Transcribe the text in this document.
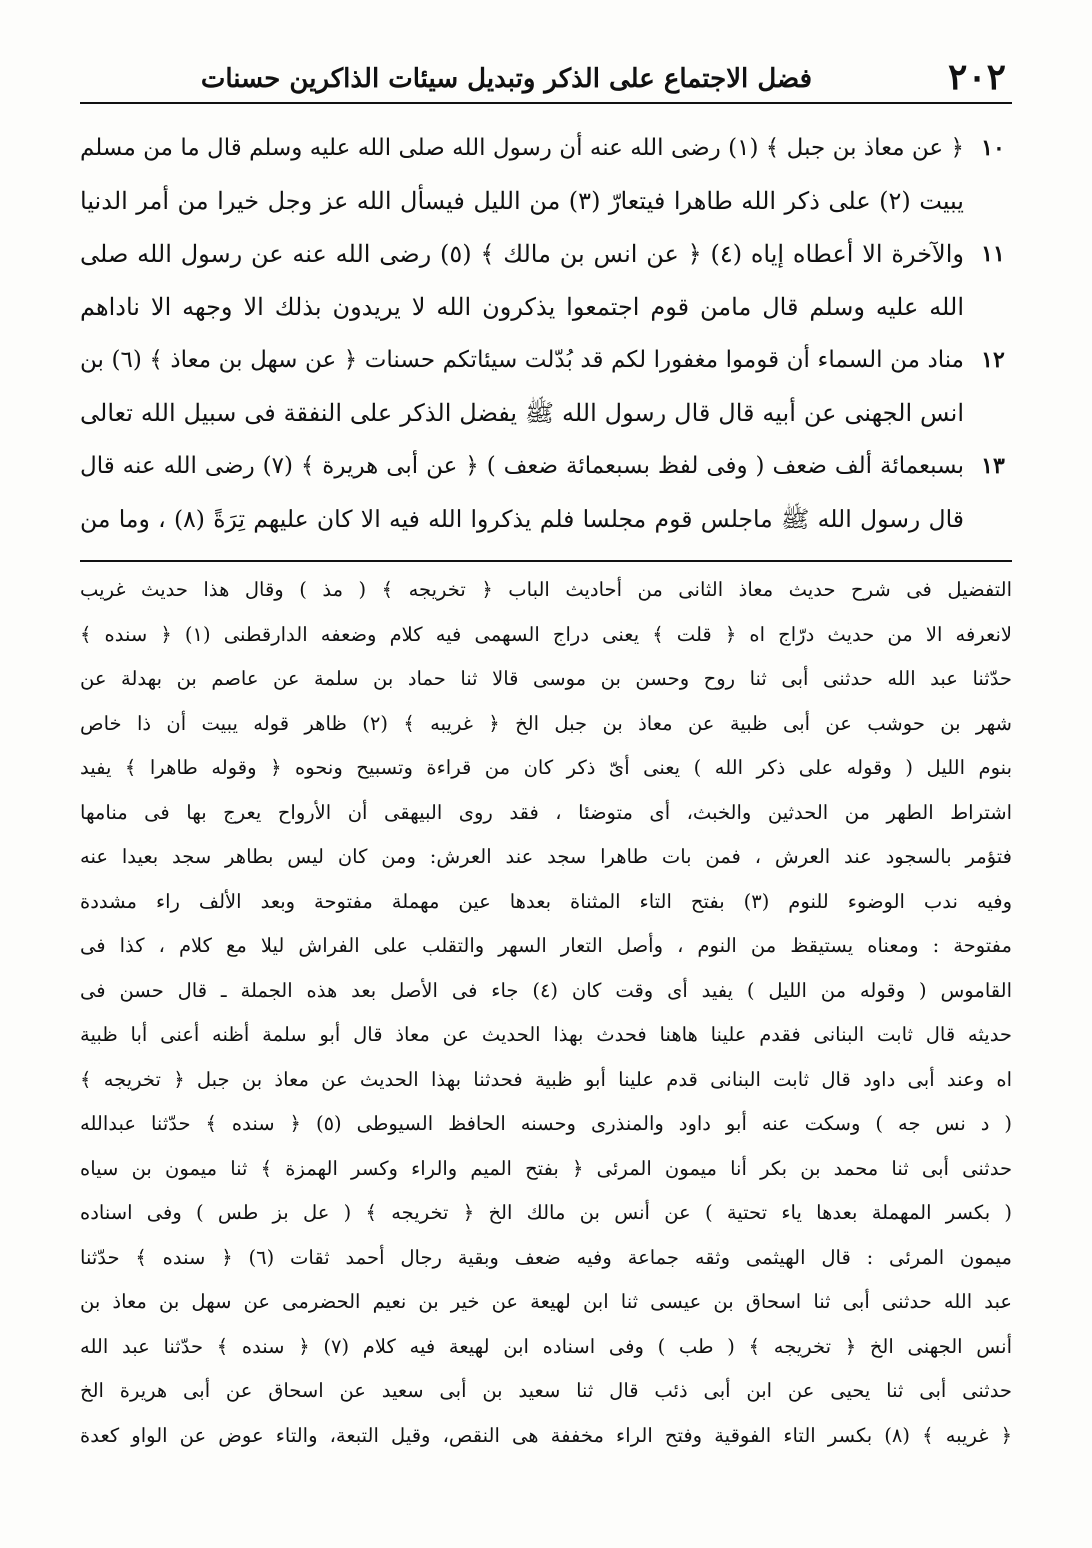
٢٠٢
فضل الاجتماع على الذكر وتبديل سيئات الذاكرين حسنات
١٠
﴿ عن معاذ بن جبل ﴾ (١) رضى الله عنه أن رسول الله صلى الله عليه وسلم قال ما من مسلم
يبيت (٢) على ذكر الله طاهرا فيتعارّ (٣) من الليل فيسأل الله عز وجل خيرا من أمر الدنيا
١١
والآخرة الا أعطاه إياه (٤) ﴿ عن انس بن مالك ﴾ (٥) رضى الله عنه عن رسول الله صلى
الله عليه وسلم قال مامن قوم اجتمعوا يذكرون الله لا يريدون بذلك الا وجهه الا ناداهم
١٢
مناد من السماء أن قوموا مغفورا لكم قد بُدّلت سيئاتكم حسنات ﴿ عن سهل بن معاذ ﴾ (٦) بن
انس الجهنى عن أبيه قال قال رسول الله ﷺ يفضل الذكر على النفقة فى سبيل الله تعالى
١٣
بسبعمائة ألف ضعف ( وفى لفظ بسبعمائة ضعف ) ﴿ عن أبى هريرة ﴾ (٧) رضى الله عنه قال
قال رسول الله ﷺ ماجلس قوم مجلسا فلم يذكروا الله فيه الا كان عليهم تِرَةً (٨) ، وما من
التفضيل فى شرح حديث معاذ الثانى من أحاديث الباب ﴿ تخريجه ﴾ ( مذ ) وقال هذا حديث غريب
لانعرفه الا من حديث درّاج اه ﴿ قلت ﴾ يعنى دراج السهمى فيه كلام وضعفه الدارقطنى (١) ﴿ سنده ﴾
حدّثنا عبد الله حدثنى أبى ثنا روح وحسن بن موسى قالا ثنا حماد بن سلمة عن عاصم بن بهدلة عن
شهر بن حوشب عن أبى ظبية عن معاذ بن جبل الخ ﴿ غريبه ﴾ (٢) ظاهر قوله يبيت أن ذا خاص
بنوم الليل ( وقوله على ذكر الله ) يعنى أىّ ذكر كان من قراءة وتسبيح ونحوه ﴿ وقوله طاهرا ﴾ يفيد
اشتراط الطهر من الحدثين والخبث، أى متوضئا ، فقد روى البيهقى أن الأرواح يعرج بها فى منامها
فتؤمر بالسجود عند العرش ، فمن بات طاهرا سجد عند العرش: ومن كان ليس بطاهر سجد بعيدا عنه
وفيه ندب الوضوء للنوم (٣) بفتح التاء المثناة بعدها عين مهملة مفتوحة وبعد الألف راء مشددة
مفتوحة : ومعناه يستيقظ من النوم ، وأصل التعار السهر والتقلب على الفراش ليلا مع كلام ، كذا فى
القاموس ( وقوله من الليل ) يفيد أى وقت كان (٤) جاء فى الأصل بعد هذه الجملة ـ قال حسن فى
حديثه قال ثابت البنانى فقدم علينا هاهنا فحدث بهذا الحديث عن معاذ قال أبو سلمة أظنه أعنى أبا ظبية
اه وعند أبى داود قال ثابت البنانى قدم علينا أبو ظبية فحدثنا بهذا الحديث عن معاذ بن جبل ﴿ تخريجه ﴾
( د نس جه ) وسكت عنه أبو داود والمنذرى وحسنه الحافظ السيوطى (٥) ﴿ سنده ﴾ حدّثنا عبدالله
حدثنى أبى ثنا محمد بن بكر أنا ميمون المرئى ﴿ بفتح الميم والراء وكسر الهمزة ﴾ ثنا ميمون بن سياه
( بكسر المهملة بعدها ياء تحتية ) عن أنس بن مالك الخ ﴿ تخريجه ﴾ ( عل بز طس ) وفى اسناده
ميمون المرئى : قال الهيثمى وثقه جماعة وفيه ضعف وبقية رجال أحمد ثقات (٦) ﴿ سنده ﴾ حدّثنا
عبد الله حدثنى أبى ثنا اسحاق بن عيسى ثنا ابن لهيعة عن خير بن نعيم الحضرمى عن سهل بن معاذ بن
أنس الجهنى الخ ﴿ تخريجه ﴾ ( طب ) وفى اسناده ابن لهيعة فيه كلام (٧) ﴿ سنده ﴾ حدّثنا عبد الله
حدثنى أبى ثنا يحيى عن ابن أبى ذئب قال ثنا سعيد بن أبى سعيد عن اسحاق عن أبى هريرة الخ
﴿ غريبه ﴾ (٨) بكسر التاء الفوقية وفتح الراء مخففة هى النقص، وقيل التبعة، والتاء عوض عن الواو كعدة
